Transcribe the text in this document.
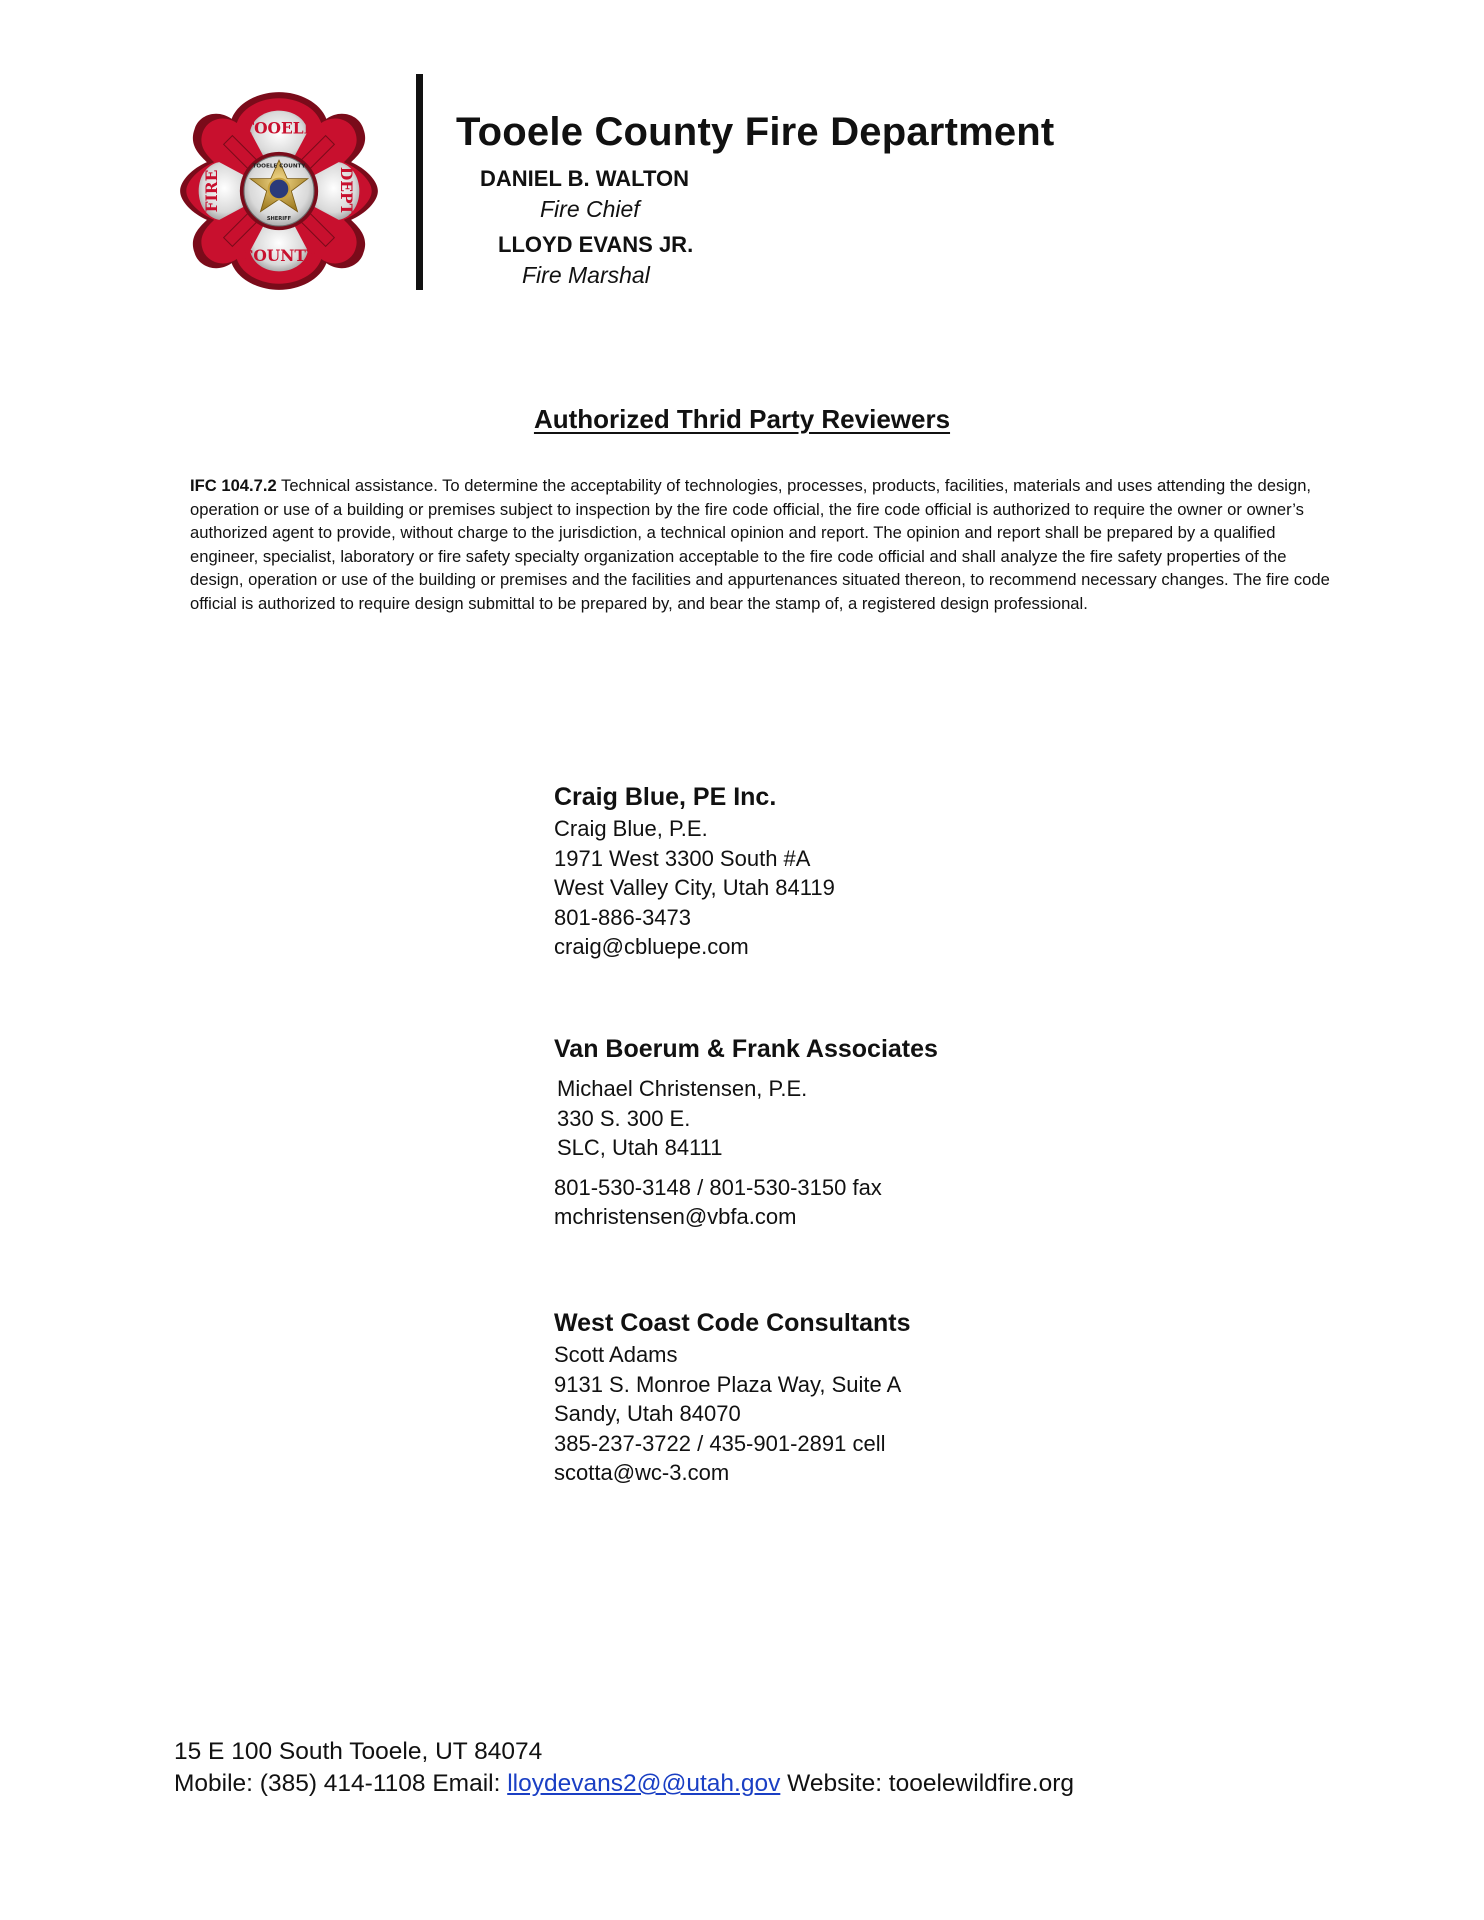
TOOELE
COUNTY
FIRE	DEPT
TOOELE COUNTY
SHERIFF
Tooele County Fire Department
DANIEL B. WALTON
Fire Chief
LLOYD EVANS JR.
Fire Marshal
Authorized Thrid Party Reviewers
IFC 104.7.2 Technical assistance. To determine the acceptability of technologies, processes, products, facilities, materials and uses attending the design, operation or use of a building or premises subject to inspection by the fire code official, the fire code official is authorized to require the owner or owner’s authorized agent to provide, without charge to the jurisdiction, a technical opinion and report. The opinion and report shall be prepared by a qualified engineer, specialist, laboratory or fire safety specialty organization acceptable to the fire code official and shall analyze the fire safety properties of the design, operation or use of the building or premises and the facilities and appurtenances situated thereon, to recommend necessary changes. The fire code official is authorized to require design submittal to be prepared by, and bear the stamp of, a registered design professional.
Craig Blue, PE Inc.
Craig Blue, P.E.
1971 West 3300 South #A
West Valley City, Utah 84119
801-886-3473
craig@cbluepe.com
Van Boerum & Frank Associates
Michael Christensen, P.E.
330 S. 300 E.
SLC, Utah 84111
801-530-3148 / 801-530-3150 fax
mchristensen@vbfa.com
West Coast Code Consultants
Scott Adams
9131 S. Monroe Plaza Way, Suite A
Sandy, Utah 84070
385-237-3722 / 435-901-2891 cell
scotta@wc-3.com
15 E 100 South Tooele, UT 84074
Mobile: (385) 414-1108 Email: lloydevans2@@utah.gov Website: tooelewildfire.org
